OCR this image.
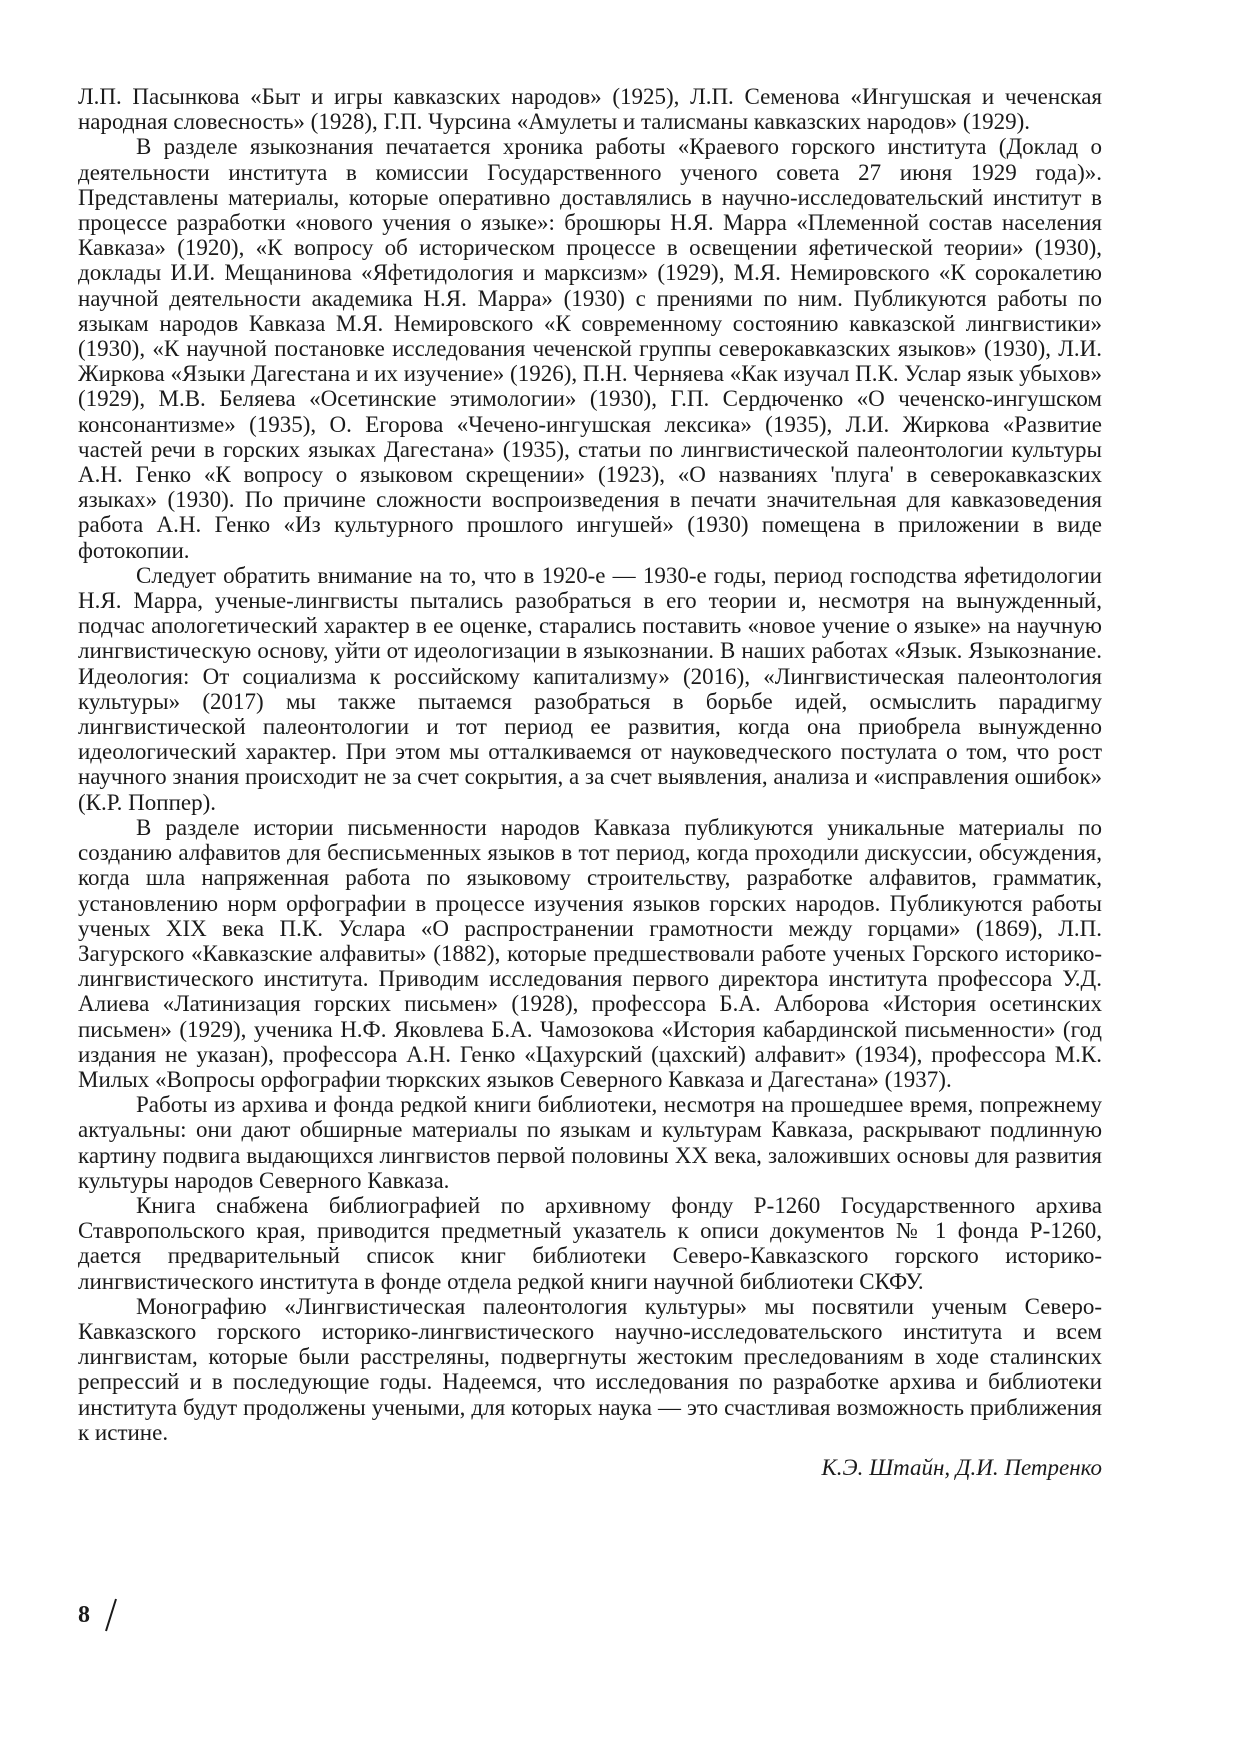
Л.П. Пасынкова «Быт и игры кавказских народов» (1925), Л.П. Семенова «Ингушская и чеченская народная словесность» (1928), Г.П. Чурсина «Амулеты и талисманы кавказских народов» (1929).

В разделе языкознания печатается хроника работы «Краевого горского института (Доклад о деятельности института в комиссии Государственного ученого совета 27 июня 1929 года)». Представлены материалы, которые оперативно доставлялись в научно-исследовательский институт в процессе разработки «нового учения о языке»: брошюры Н.Я. Марра «Племенной состав населения Кавказа» (1920), «К вопросу об историческом процессе в освещении яфетической теории» (1930), доклады И.И. Мещанинова «Яфетидология и марксизм» (1929), М.Я. Немировского «К сорокалетию научной деятельности академика Н.Я. Марра» (1930) с прениями по ним. Публикуются работы по языкам народов Кавказа М.Я. Немировского «К современному состоянию кавказской лингвистики» (1930), «К научной постановке исследования чеченской группы северокавказских языков» (1930), Л.И. Жиркова «Языки Дагестана и их изучение» (1926), П.Н. Черняева «Как изучал П.К. Услар язык убыхов» (1929), М.В. Беляева «Осетинские этимологии» (1930), Г.П. Сердюченко «О чеченско-ингушском консонантизме» (1935), О. Егорова «Чечено-ингушская лексика» (1935), Л.И. Жиркова «Развитие частей речи в горских языках Дагестана» (1935), статьи по лингвистической палеонтологии культуры А.Н. Генко «К вопросу о языковом скрещении» (1923), «О названиях 'плуга' в северокавказских языках» (1930). По причине сложности воспроизведения в печати значительная для кавказоведения работа А.Н. Генко «Из культурного прошлого ингушей» (1930) помещена в приложении в виде фотокопии.

Следует обратить внимание на то, что в 1920-е — 1930-е годы, период господства яфетидологии Н.Я. Марра, ученые-лингвисты пытались разобраться в его теории и, несмотря на вынужденный, подчас апологетический характер в ее оценке, старались поставить «новое учение о языке» на научную лингвистическую основу, уйти от идеологизации в языкознании. В наших работах «Язык. Языкознание. Идеология: От социализма к российскому капитализму» (2016), «Лингвистическая палеонтология культуры» (2017) мы также пытаемся разобраться в борьбе идей, осмыслить парадигму лингвистической палеонтологии и тот период ее развития, когда она приобрела вынужденно идеологический характер. При этом мы отталкиваемся от науковедческого постулата о том, что рост научного знания происходит не за счет сокрытия, а за счет выявления, анализа и «исправления ошибок» (К.Р. Поппер).

В разделе истории письменности народов Кавказа публикуются уникальные материалы по созданию алфавитов для бесписьменных языков в тот период, когда проходили дискуссии, обсуждения, когда шла напряженная работа по языковому строительству, разработке алфавитов, грамматик, установлению норм орфографии в процессе изучения языков горских народов. Публикуются работы ученых XIX века П.К. Услара «О распространении грамотности между горцами» (1869), Л.П. Загурского «Кавказские алфавиты» (1882), которые предшествовали работе ученых Горского историко-лингвистического института. Приводим исследования первого директора института профессора У.Д. Алиева «Латинизация горских письмен» (1928), профессора Б.А. Алборова «История осетинских письмен» (1929), ученика Н.Ф. Яковлева Б.А. Чамозокова «История кабардинской письменности» (год издания не указан), профессора А.Н. Генко «Цахурский (цахский) алфавит» (1934), профессора М.К. Милых «Вопросы орфографии тюркских языков Северного Кавказа и Дагестана» (1937).

Работы из архива и фонда редкой книги библиотеки, несмотря на прошедшее время, попрежнему актуальны: они дают обширные материалы по языкам и культурам Кавказа, раскрывают подлинную картину подвига выдающихся лингвистов первой половины XX века, заложивших основы для развития культуры народов Северного Кавказа.

Книга снабжена библиографией по архивному фонду Р-1260 Государственного архива Ставропольского края, приводится предметный указатель к описи документов № 1 фонда Р-1260, дается предварительный список книг библиотеки Северо-Кавказского горского историко-лингвистического института в фонде отдела редкой книги научной библиотеки СКФУ.

Монографию «Лингвистическая палеонтология культуры» мы посвятили ученым Северо-Кавказского горского историко-лингвистического научно-исследовательского института и всем лингвистам, которые были расстреляны, подвергнуты жестоким преследованиям в ходе сталинских репрессий и в последующие годы. Надеемся, что исследования по разработке архива и библиотеки института будут продолжены учеными, для которых наука — это счастливая возможность приближения к истине.

К.Э. Штайн, Д.И. Петренко
8
